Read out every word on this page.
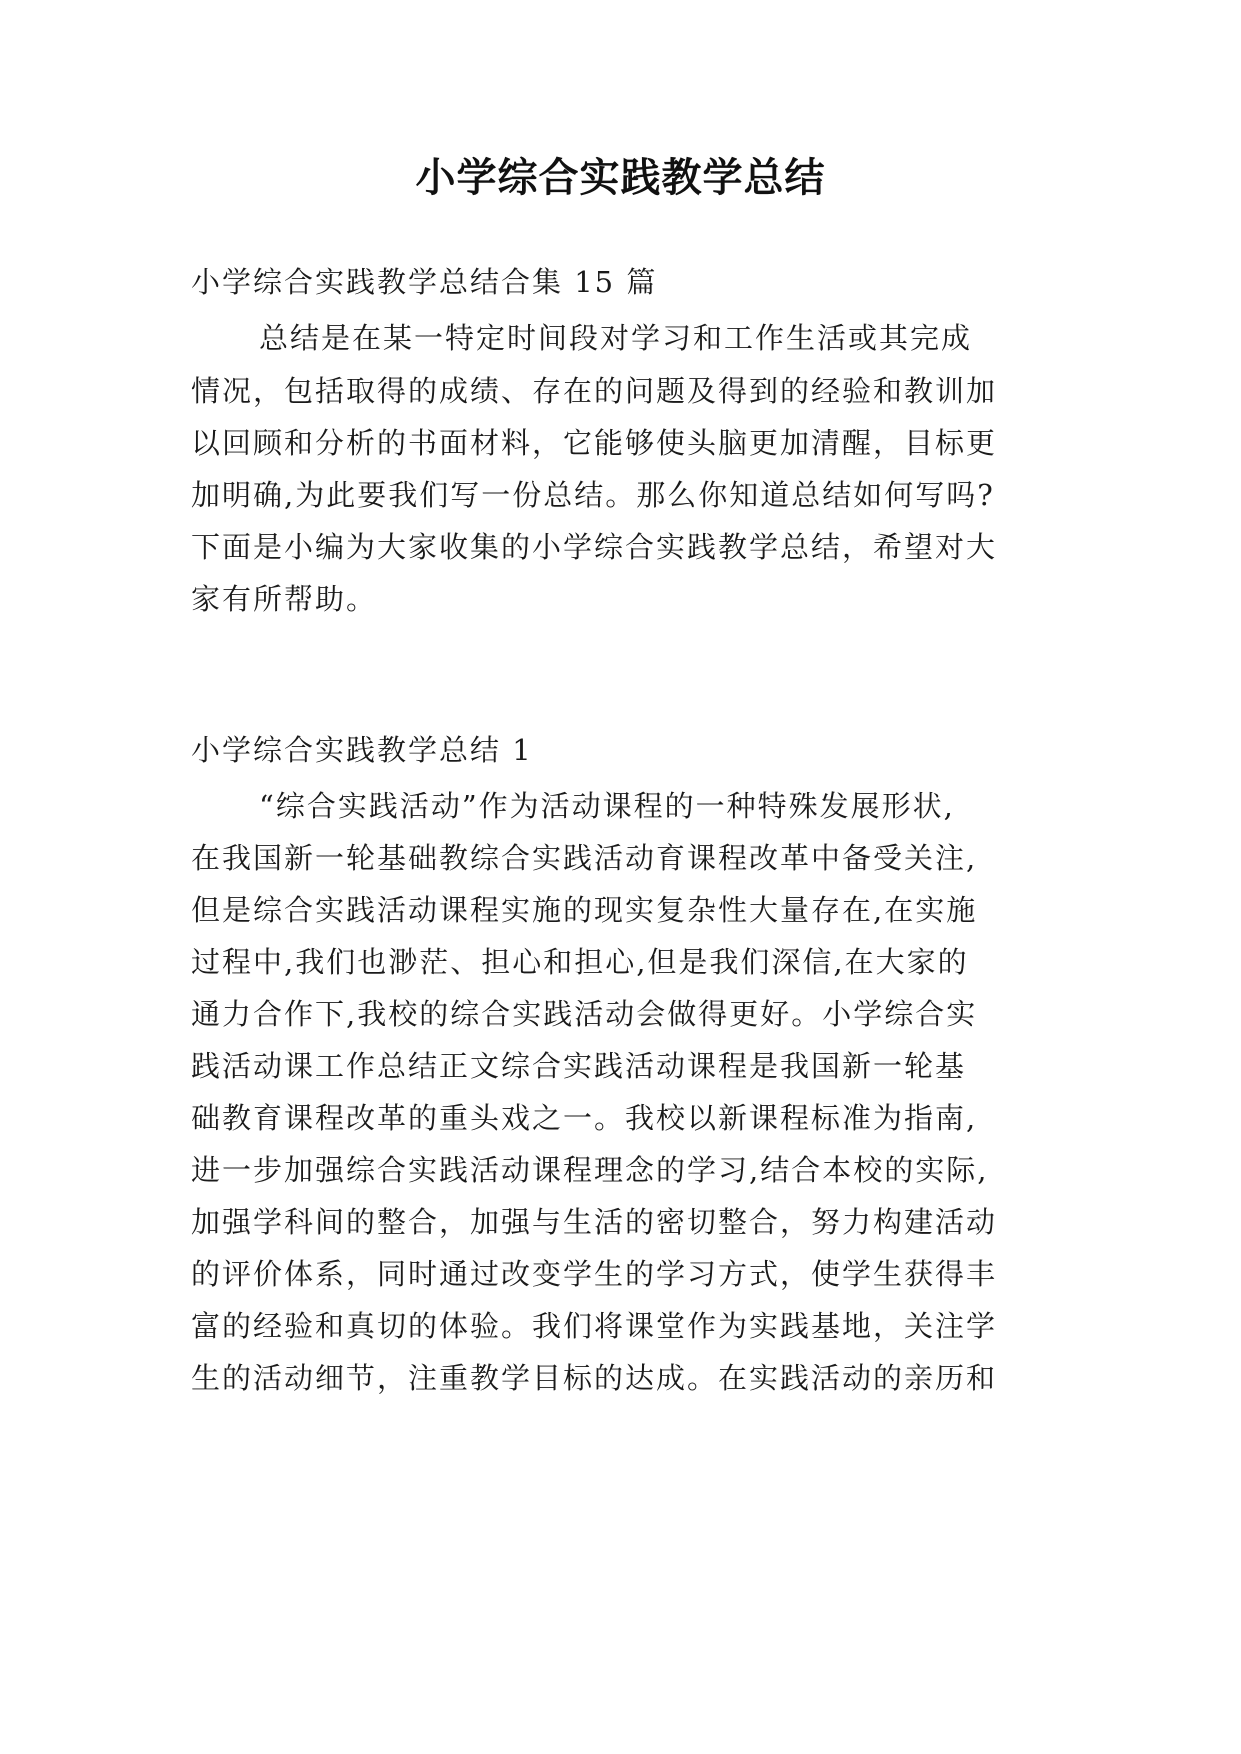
小学综合实践教学总结
小学综合实践教学总结合集 15 篇
总结是在某一特定时间段对学习和工作生活或其完成
情况，包括取得的成绩、存在的问题及得到的经验和教训加
以回顾和分析的书面材料，它能够使头脑更加清醒，目标更
加明确,为此要我们写一份总结。那么你知道总结如何写吗?
下面是小编为大家收集的小学综合实践教学总结，希望对大
家有所帮助。
小学综合实践教学总结 1
“综合实践活动”作为活动课程的一种特殊发展形状,
在我国新一轮基础教综合实践活动育课程改革中备受关注,
但是综合实践活动课程实施的现实复杂性大量存在,在实施
过程中,我们也渺茫、担心和担心,但是我们深信,在大家的
通力合作下,我校的综合实践活动会做得更好。小学综合实
践活动课工作总结正文综合实践活动课程是我国新一轮基
础教育课程改革的重头戏之一。我校以新课程标准为指南,
进一步加强综合实践活动课程理念的学习,结合本校的实际,
加强学科间的整合，加强与生活的密切整合，努力构建活动
的评价体系，同时通过改变学生的学习方式，使学生获得丰
富的经验和真切的体验。我们将课堂作为实践基地，关注学
生的活动细节，注重教学目标的达成。在实践活动的亲历和
